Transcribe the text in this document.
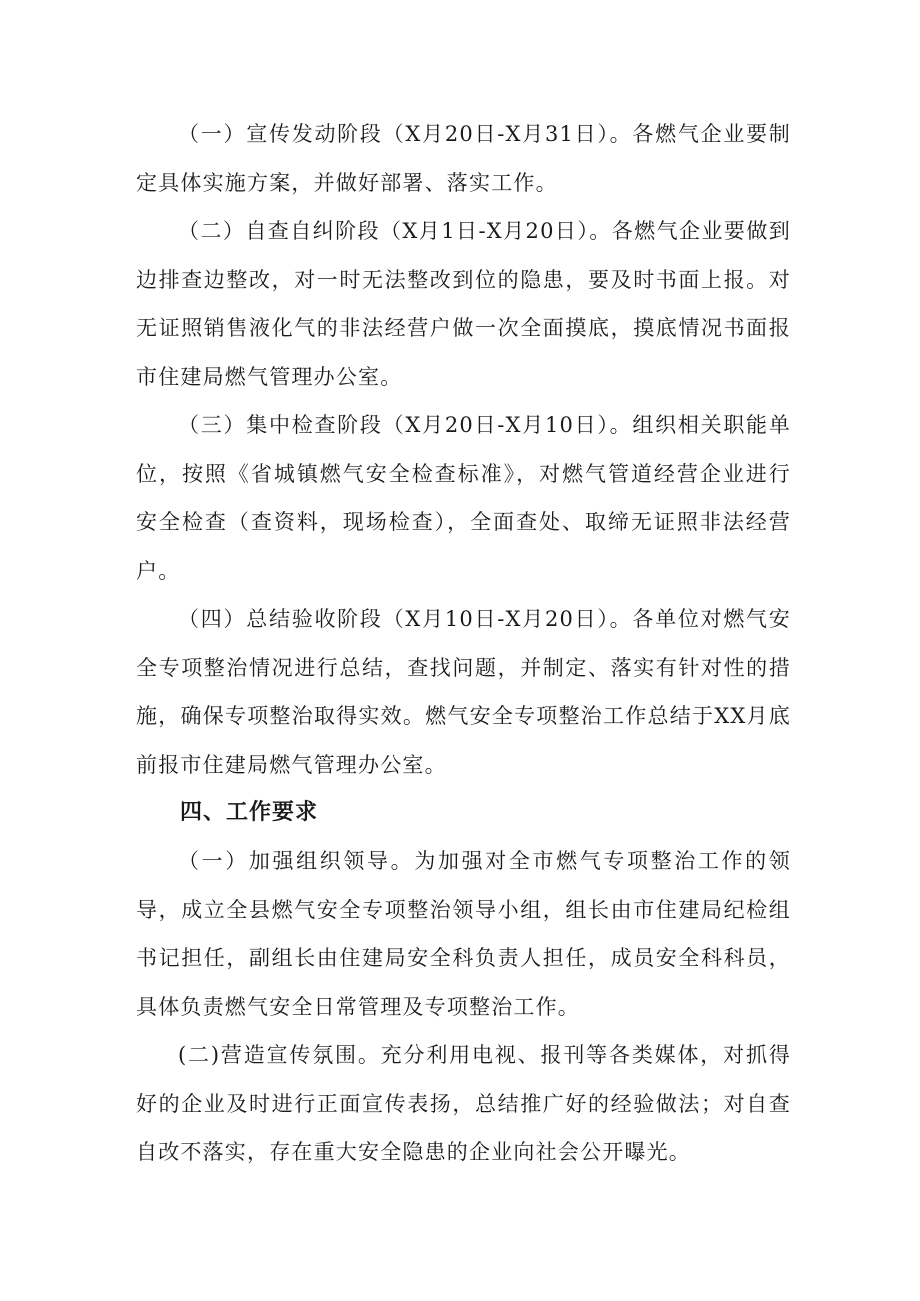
（一）宣传发动阶段（X月20日-X月31日）。各燃气企业要制定具体实施方案，并做好部署、落实工作。

（二）自查自纠阶段（X月1日-X月20日）。各燃气企业要做到边排查边整改，对一时无法整改到位的隐患，要及时书面上报。对无证照销售液化气的非法经营户做一次全面摸底，摸底情况书面报市住建局燃气管理办公室。

（三）集中检查阶段（X月20日-X月10日）。组织相关职能单位，按照《省城镇燃气安全检查标准》，对燃气管道经营企业进行安全检查（查资料，现场检查），全面查处、取缔无证照非法经营户。

（四）总结验收阶段（X月10日-X月20日）。各单位对燃气安全专项整治情况进行总结，查找问题，并制定、落实有针对性的措施，确保专项整治取得实效。燃气安全专项整治工作总结于XX月底前报市住建局燃气管理办公室。

四、工作要求

（一）加强组织领导。为加强对全市燃气专项整治工作的领导，成立全县燃气安全专项整治领导小组，组长由市住建局纪检组书记担任，副组长由住建局安全科负责人担任，成员安全科科员，具体负责燃气安全日常管理及专项整治工作。

(二)营造宣传氛围。充分利用电视、报刊等各类媒体，对抓得好的企业及时进行正面宣传表扬，总结推广好的经验做法；对自查自改不落实，存在重大安全隐患的企业向社会公开曝光。
